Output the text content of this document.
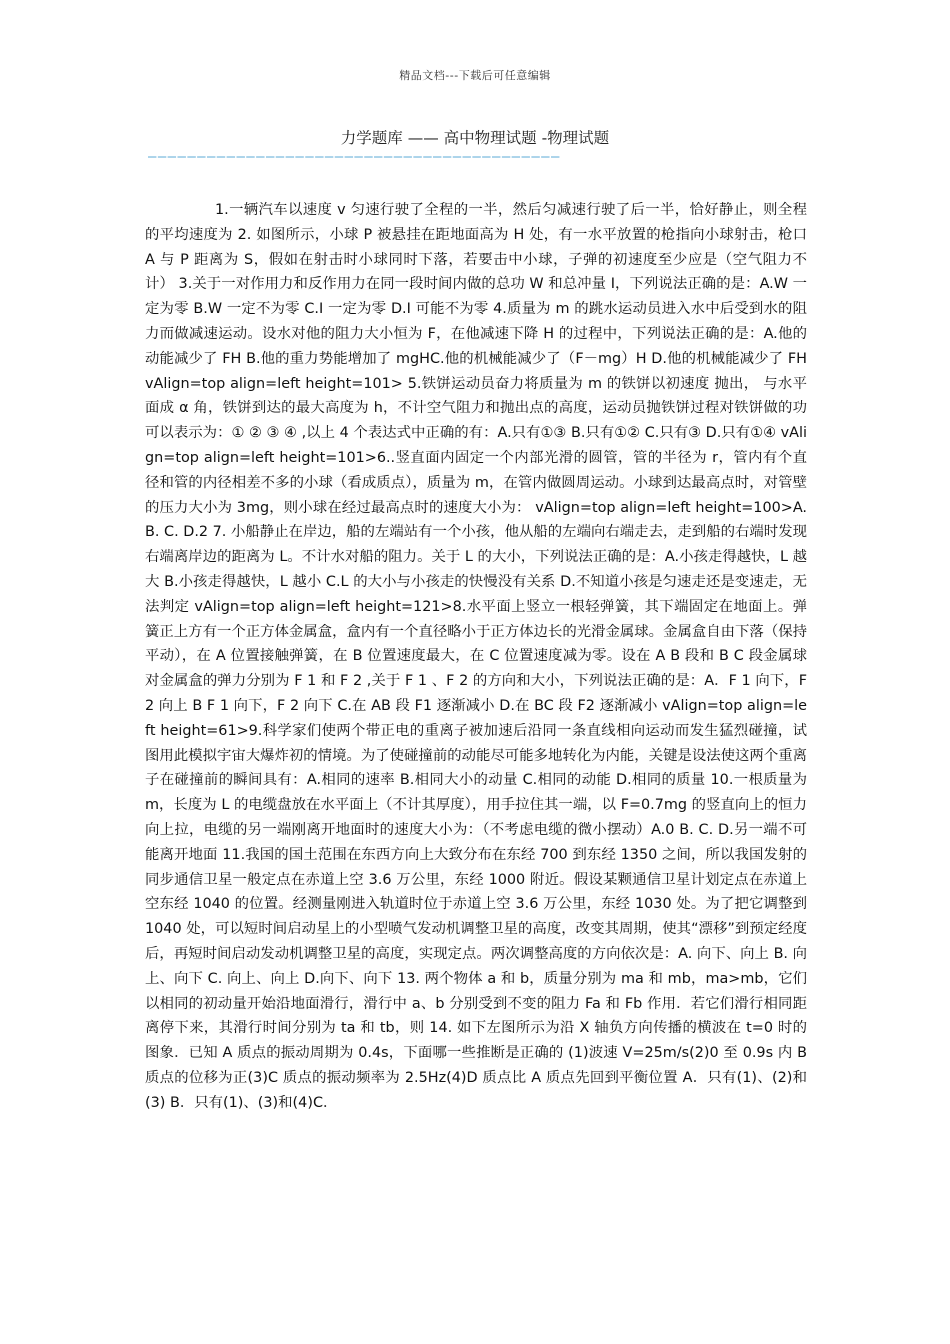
精品文档---下载后可任意编辑
力学题库 —— 高中物理试题 -物理试题
——————————————————————————————————————————

1.一辆汽车以速度 v 匀速行驶了全程的一半，然后匀减速行驶了后一半，恰好静止，则全程的平均速度为 2. 如图所示，小球 P 被悬挂在距地面高为 H 处，有一水平放置的枪指向小球射击，枪口 A 与 P 距离为 S，假如在射击时小球同时下落，若要击中小球，子弹的初速度至少应是（空气阻力不计） 3.关于一对作用力和反作用力在同一段时间内做的总功 W 和总冲量 I，下列说法正确的是：A.W 一定为零 B.W 一定不为零 C.I 一定为零 D.I 可能不为零 4.质量为 m 的跳水运动员进入水中后受到水的阻力而做减速运动。设水对他的阻力大小恒为 F，在他减速下降 H 的过程中，下列说法正确的是：A.他的动能减少了 FH B.他的重力势能增加了 mgHC.他的机械能减少了（F－mg）H D.他的机械能减少了 FH vAlign=top align=left height=101> 5.铁饼运动员奋力将质量为 m 的铁饼以初速度 抛出， 与水平面成 α 角，铁饼到达的最大高度为 h，不计空气阻力和抛出点的高度，运动员抛铁饼过程对铁饼做的功可以表示为：① ② ③ ④ ,以上 4 个表达式中正确的有：A.只有①③ B.只有①② C.只有③ D.只有①④ vAlign=top align=left height=101>6..竖直面内固定一个内部光滑的圆管，管的半径为 r，管内有个直径和管的内径相差不多的小球（看成质点），质量为 m，在管内做圆周运动。小球到达最高点时，对管壁的压力大小为 3mg，则小球在经过最高点时的速度大小为： vAlign=top align=left height=100>A. B. C. D.2 7. 小船静止在岸边，船的左端站有一个小孩，他从船的左端向右端走去，走到船的右端时发现右端离岸边的距离为 L。不计水对船的阻力。关于 L 的大小，下列说法正确的是：A.小孩走得越快，L 越大 B.小孩走得越快，L 越小 C.L 的大小与小孩走的快慢没有关系 D.不知道小孩是匀速走还是变速走，无法判定 vAlign=top align=left height=121>8.水平面上竖立一根轻弹簧，其下端固定在地面上。弹簧正上方有一个正方体金属盒，盒内有一个直径略小于正方体边长的光滑金属球。金属盒自由下落（保持平动），在 A 位置接触弹簧，在 B 位置速度最大，在 C 位置速度减为零。设在 A B 段和 B C 段金属球对金属盒的弹力分别为 F 1 和 F 2 ,关于 F 1 、F 2 的方向和大小，下列说法正确的是：A．F 1 向下，F 2 向上 B F 1 向下，F 2 向下 C.在 AB 段 F1 逐渐减小 D.在 BC 段 F2 逐渐减小 vAlign=top align=left height=61>9.科学家们使两个带正电的重离子被加速后沿同一条直线相向运动而发生猛烈碰撞，试图用此模拟宇宙大爆炸初的情境。为了使碰撞前的动能尽可能多地转化为内能，关键是设法使这两个重离子在碰撞前的瞬间具有：A.相同的速率 B.相同大小的动量 C.相同的动能 D.相同的质量 10.一根质量为 m，长度为 L 的电缆盘放在水平面上（不计其厚度），用手拉住其一端，以 F=0.7mg 的竖直向上的恒力向上拉，电缆的另一端刚离开地面时的速度大小为：（不考虑电缆的微小摆动）A.0 B. C. D.另一端不可能离开地面 11.我国的国土范围在东西方向上大致分布在东经 700 到东经 1350 之间，所以我国发射的同步通信卫星一般定点在赤道上空 3.6 万公里，东经 1000 附近。假设某颗通信卫星计划定点在赤道上空东经 1040 的位置。经测量刚进入轨道时位于赤道上空 3.6 万公里，东经 1030 处。为了把它调整到 1040 处，可以短时间启动星上的小型喷气发动机调整卫星的高度，改变其周期，使其“漂移”到预定经度后，再短时间启动发动机调整卫星的高度，实现定点。两次调整高度的方向依次是：A. 向下、向上 B. 向上、向下 C. 向上、向上 D.向下、向下 13. 两个物体 a 和 b，质量分别为 ma 和 mb，ma>mb，它们以相同的初动量开始沿地面滑行，滑行中 a、b 分别受到不变的阻力 Fa 和 Fb 作用．若它们滑行相同距离停下来，其滑行时间分别为 ta 和 tb，则 14. 如下左图所示为沿 X 轴负方向传播的横波在 t=0 时的图象．已知 A 质点的振动周期为 0.4s，下面哪一些推断是正确的 (1)波速 V=25m/s(2)0 至 0.9s 内 B 质点的位移为正(3)C 质点的振动频率为 2.5Hz(4)D 质点比 A 质点先回到平衡位置 A．只有(1)、(2)和(3) B．只有(1)、(3)和(4)C．
